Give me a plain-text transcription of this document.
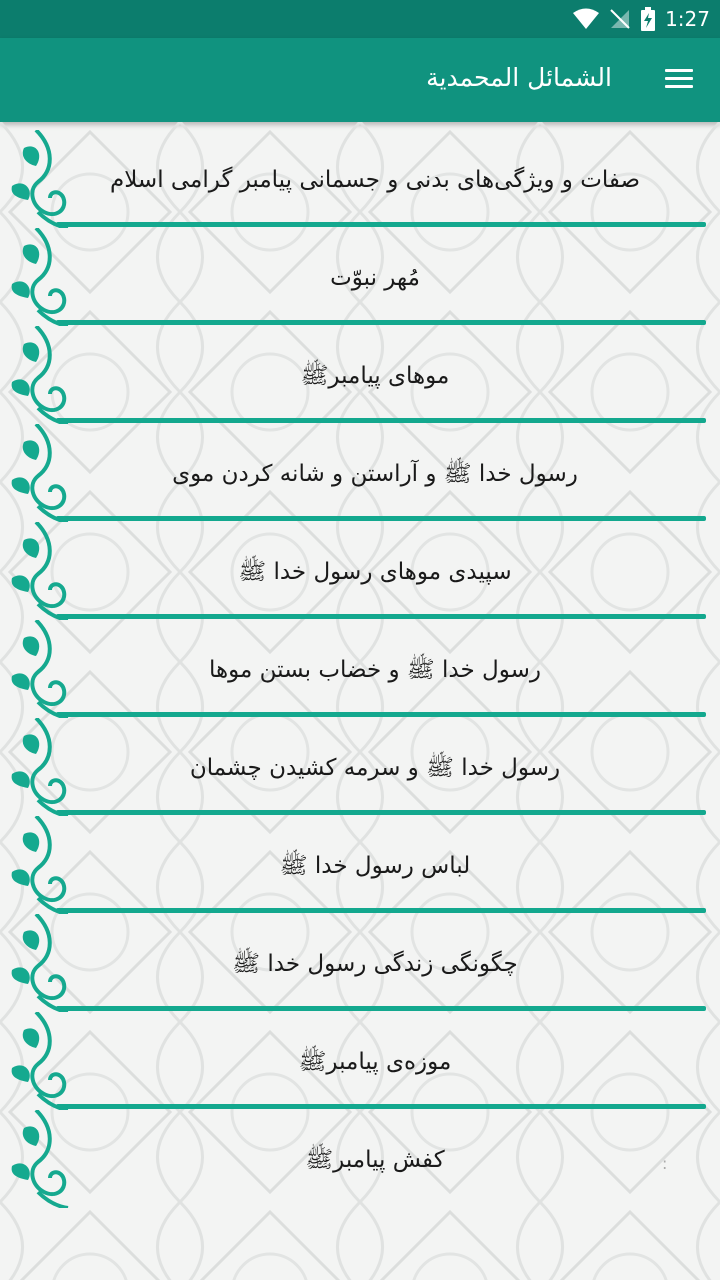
1:27
الشمائل المحمدية
صفات و ویژگی‌های بدنی و جسمانی پیامبر گرامی اسلام
مُهر نبوّت
موهای پیامبرﷺ
رسول خدا ﷺ و آراستن و شانه کردن موی
سپیدی موهای رسول خدا ﷺ
رسول خدا ﷺ و خضاب بستن موها
رسول خدا ﷺ و سرمه کشیدن چشمان
لباس رسول خدا ﷺ
چگونگی زندگی رسول خدا ﷺ
موزه‌ی پیامبرﷺ
کفش پیامبرﷺ	:
